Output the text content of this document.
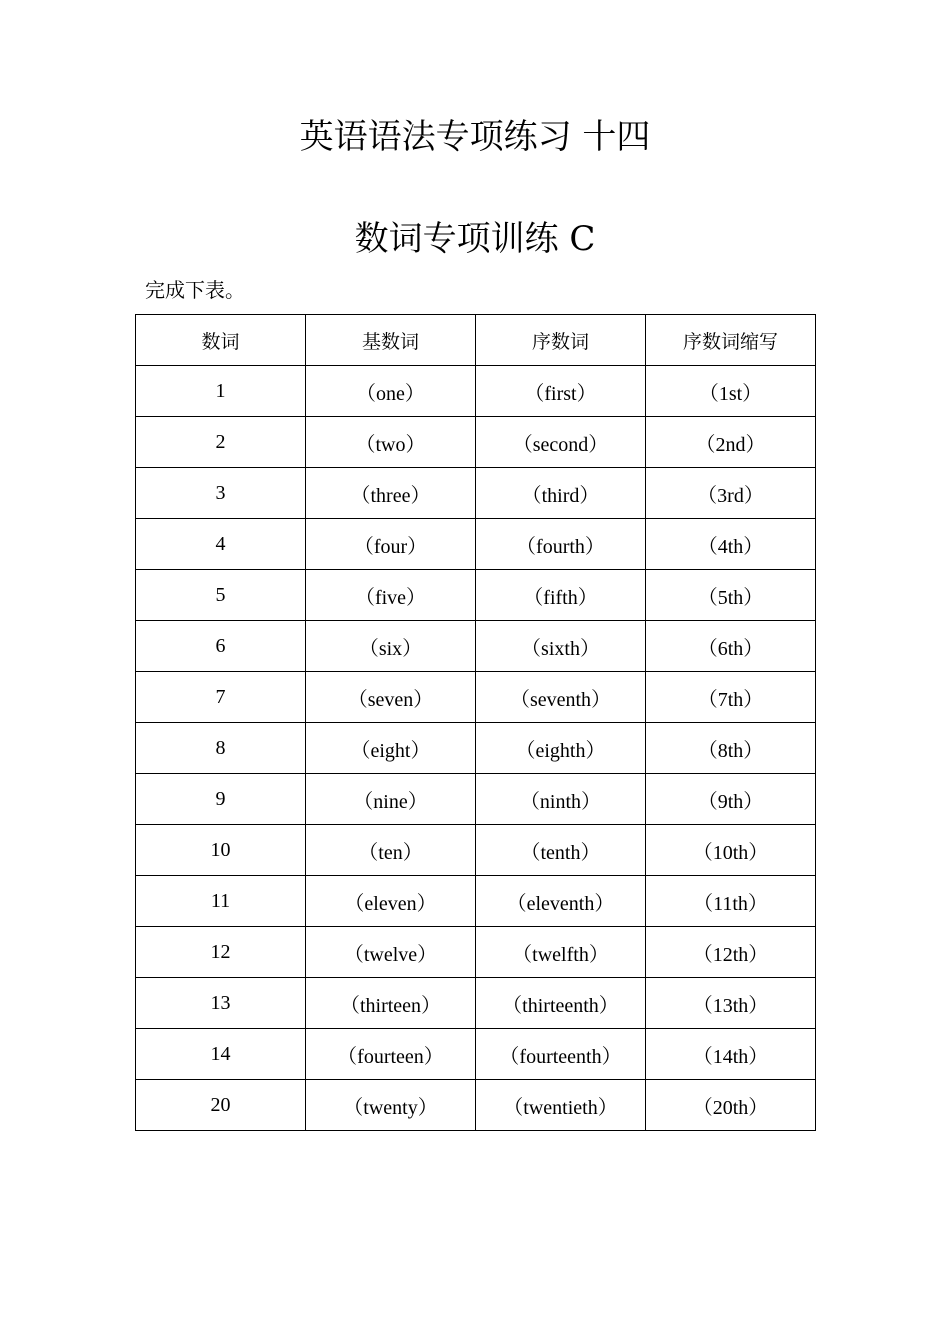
英语语法专项练习 十四
数词专项训练 C
完成下表。
数词	基数词	序数词	序数词缩写
1	（one）	（first）	（1st）
2	（two）	（second）	（2nd）
3	（three）	（third）	（3rd）
4	（four）	（fourth）	（4th）
5	（five）	（fifth）	（5th）
6	（six）	（sixth）	（6th）
7	（seven）	（seventh）	（7th）
8	（eight）	（eighth）	（8th）
9	（nine）	（ninth）	（9th）
10	（ten）	（tenth）	（10th）
11	（eleven）	（eleventh）	（11th）
12	（twelve）	（twelfth）	（12th）
13	（thirteen）	（thirteenth）	（13th）
14	（fourteen）	（fourteenth）	（14th）
20	（twenty）	（twentieth）	（20th）
